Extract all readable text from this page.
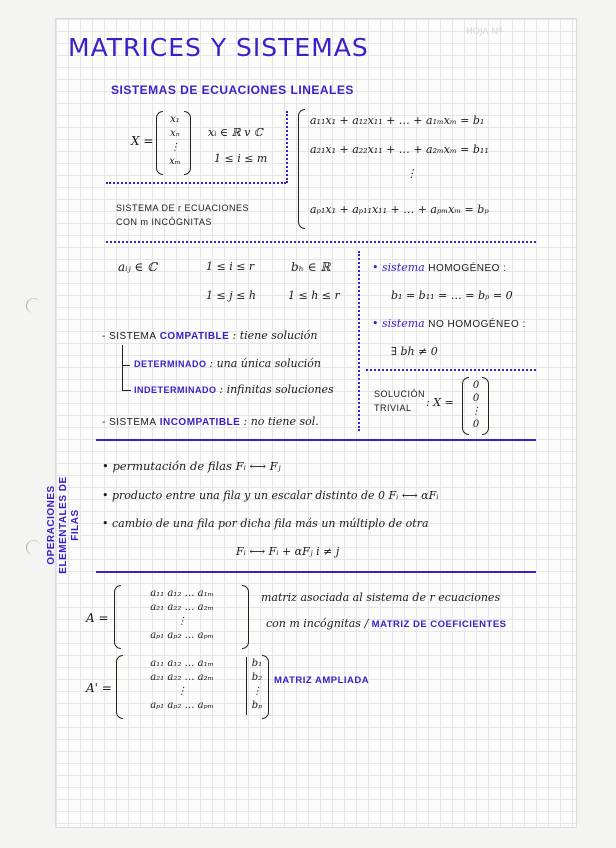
HOJA Nº
MATRICES Y SISTEMAS
SISTEMAS DE ECUACIONES LINEALES
X =
x₁
xₙ
⋮
xₘ
xᵢ ∈ ℝ v ℂ
1 ≤ i ≤ m
a₁₁x₁ + a₁₂x₁₁ + … + a₁ₘxₘ = b₁
a₂₁x₁ + a₂₂x₁₁ + … + a₂ₘxₘ = b₁₁
⋮
aₚ₁x₁ + aₚ₁₁x₁₁ + … + aₚₘxₘ = bₚ
SISTEMA DE r ECUACIONES
CON m INCÓGNITAS
aᵢⱼ ∈ ℂ	1 ≤ i ≤ r
1 ≤ j ≤ h
bₕ ∈ ℝ
1 ≤ h ≤ r
• sistema HOMOGÉNEO :
b₁ = b₁₁ = … = bₚ = 0
• sistema NO HOMOGÉNEO :
∃ bh ≠ 0
- SISTEMA COMPATIBLE : tiene solución
DETERMINADO : una única solución
INDETERMINADO : infinitas soluciones
- SISTEMA INCOMPATIBLE : no tiene sol.
SOLUCIÓN
TRIVIAL : X =
0
0
⋮
0
OPERACIONES ELEMENTALES DE FILAS
• permutación de filas Fᵢ ⟷ Fⱼ
• producto entre una fila y un escalar distinto de 0 Fᵢ ⟷ αFᵢ
• cambio de una fila por dicha fila más un múltiplo de otra
Fᵢ ⟷ Fᵢ + αFⱼ i ≠ j
A =
a₁₁ a₁₂ … a₁ₘ
a₂₁ a₂₂ … a₂ₘ
⋮
aₚ₁ aₚ₂ … aₚₘ
matriz asociada al sistema de r ecuaciones
con m incógnitas / MATRIZ DE COEFICIENTES
A' =
a₁₁ a₁₂ … a₁ₘ
a₂₁ a₂₂ … a₂ₘ
⋮
aₚ₁ aₚ₂ … aₚₘ
b₁
b₂
⋮
bₚ
MATRIZ AMPLIADA
